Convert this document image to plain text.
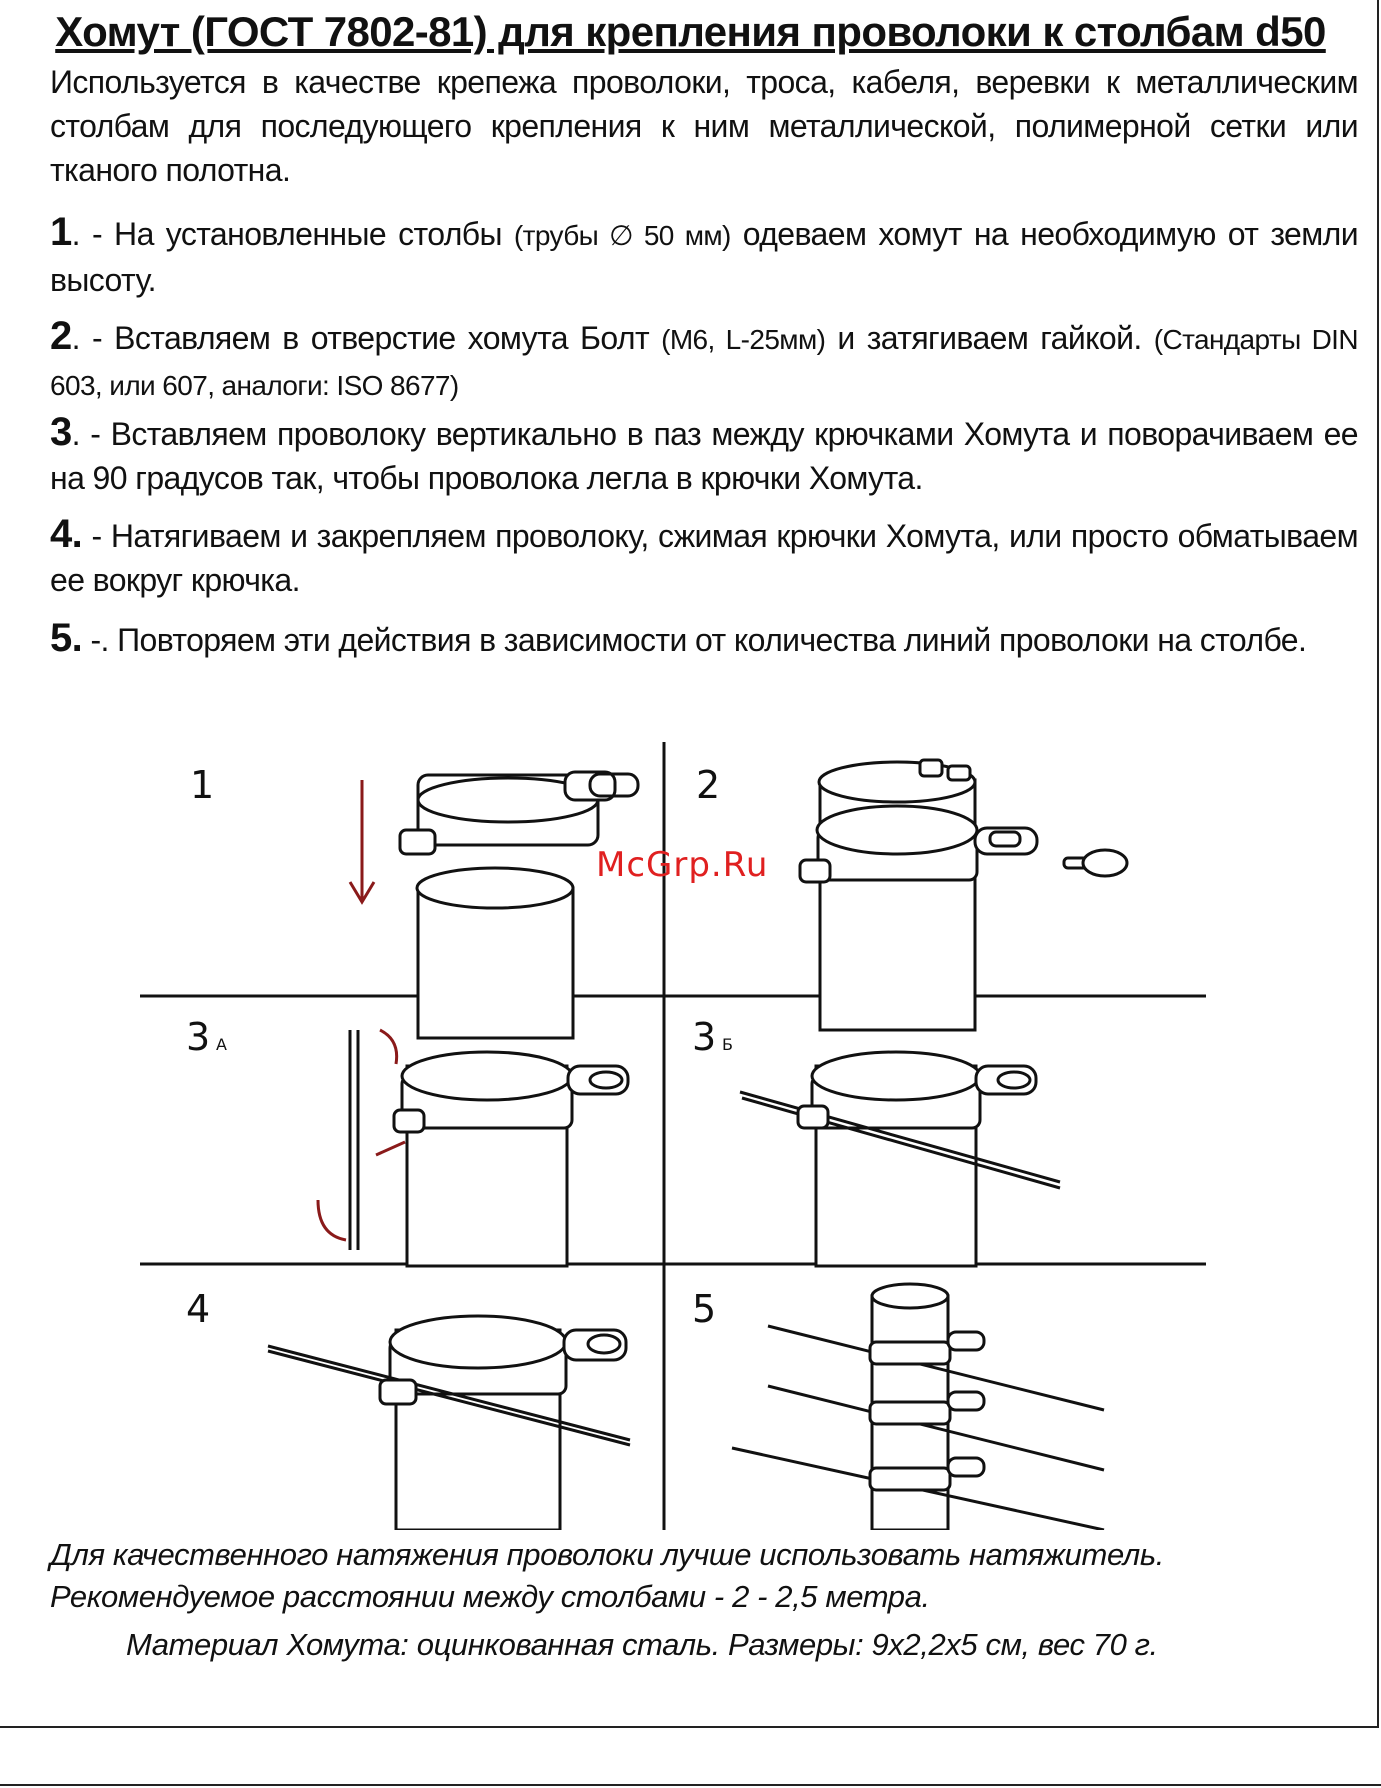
Хомут (ГОСТ 7802-81) для крепления проволоки к столбам d50
Используется в качестве крепежа проволоки, троса, кабеля, веревки к металлическим столбам для последующего крепления к ним металлической, полимерной сетки или тканого полотна.
1. - На установленные столбы (трубы ∅ 50 мм) одеваем хомут на необходимую от земли высоту.
2. - Вставляем в отверстие хомута Болт (М6, L-25мм) и затягиваем гайкой. (Стандарты DIN 603, или 607, аналоги: ISO 8677)
3. - Вставляем проволоку вертикально в паз между крючками Хомута и поворачиваем ее на 90 градусов так, чтобы проволока легла в крючки Хомута.
4. - Натягиваем и закрепляем проволоку, сжимая крючки Хомута, или просто обматываем ее вокруг крючка.
5. -. Повторяем эти действия в зависимости от количества линий проволоки на столбе.
1	2
3 А	3 Б
4	5
McGrp.Ru
Для качественного натяжения проволоки лучше использовать натяжитель.
Рекомендуемое расстоянии между столбами - 2 - 2,5 метра.
Материал Хомута: оцинкованная сталь. Размеры: 9х2,2х5 см, вес 70 г.
